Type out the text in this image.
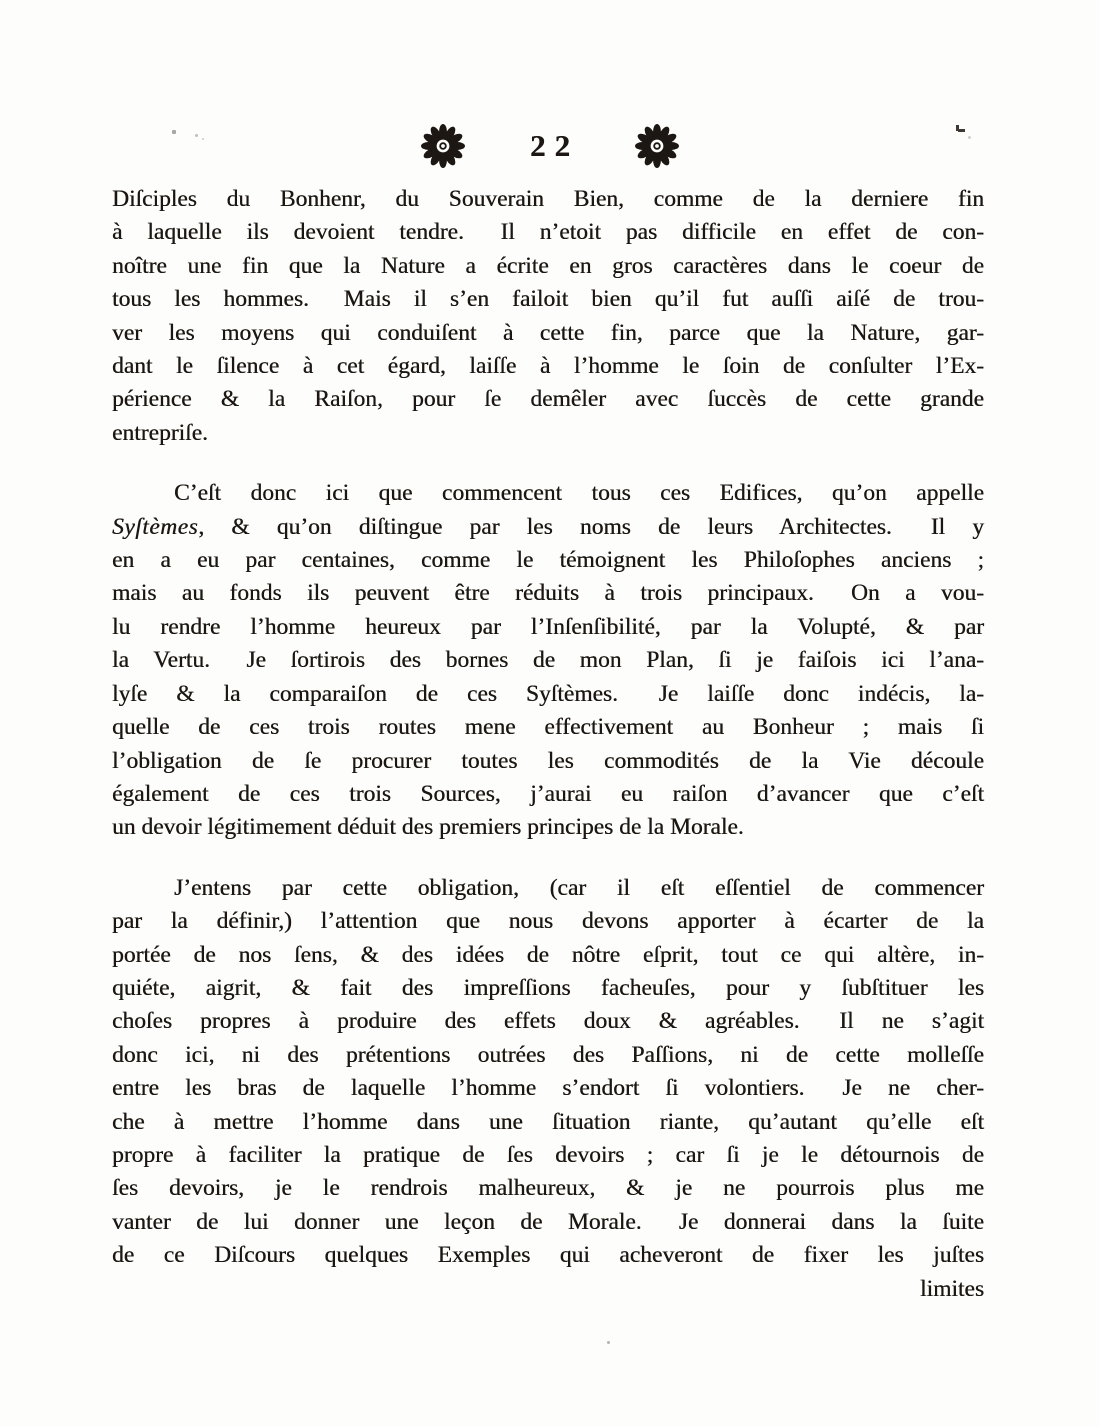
22
Diſciples du Bonhenr, du Souverain Bien, comme de la derniere fin
à laquelle ils devoient tendre.  Il n’etoit pas difficile en effet de con-
noître une fin que la Nature a écrite en gros caractères dans le coeur de
tous les hommes.  Mais il s’en failoit bien qu’il fut auſſi aiſé de trou-
ver les moyens qui conduiſent à cette fin, parce que la Nature, gar-
dant le ſilence à cet égard, laiſſe à l’homme le ſoin de conſulter l’Ex-
périence & la Raiſon, pour ſe demêler avec ſuccès de cette grande
entrepriſe.
C’eſt donc ici que commencent tous ces Edifices, qu’on appelle
Syſtèmes, & qu’on diſtingue par les noms de leurs Architectes.  Il y
en a eu par centaines, comme le témoignent les Philoſophes anciens ;
mais au fonds ils peuvent être réduits à trois principaux.  On a vou-
lu rendre l’homme heureux par l’Inſenſibilité, par la Volupté, & par
la Vertu.  Je ſortirois des bornes de mon Plan, ſi je faiſois ici l’ana-
lyſe & la comparaiſon de ces Syſtèmes.  Je laiſſe donc indécis, la-
quelle de ces trois routes mene effectivement au Bonheur ; mais ſi
l’obligation de ſe procurer toutes les commodités de la Vie découle
également de ces trois Sources, j’aurai eu raiſon d’avancer que c’eſt
un devoir légitimement déduit des premiers principes de la Morale.
J’entens par cette obligation, (car il eſt eſſentiel de commencer
par la définir,) l’attention que nous devons apporter à écarter de la
portée de nos ſens, & des idées de nôtre eſprit, tout ce qui altère, in-
quiéte, aigrit, & fait des impreſſions facheuſes, pour y ſubſtituer les
choſes propres à produire des effets doux & agréables.  Il ne s’agit
donc ici, ni des prétentions outrées des Paſſions, ni de cette molleſſe
entre les bras de laquelle l’homme s’endort ſi volontiers.  Je ne cher-
che à mettre l’homme dans une ſituation riante, qu’autant qu’elle eſt
propre à faciliter la pratique de ſes devoirs ; car ſi je le détournois de
ſes devoirs, je le rendrois malheureux, & je ne pourrois plus me
vanter de lui donner une leçon de Morale.  Je donnerai dans la ſuite
de ce Diſcours quelques Exemples qui acheveront de fixer les juſtes
limites
